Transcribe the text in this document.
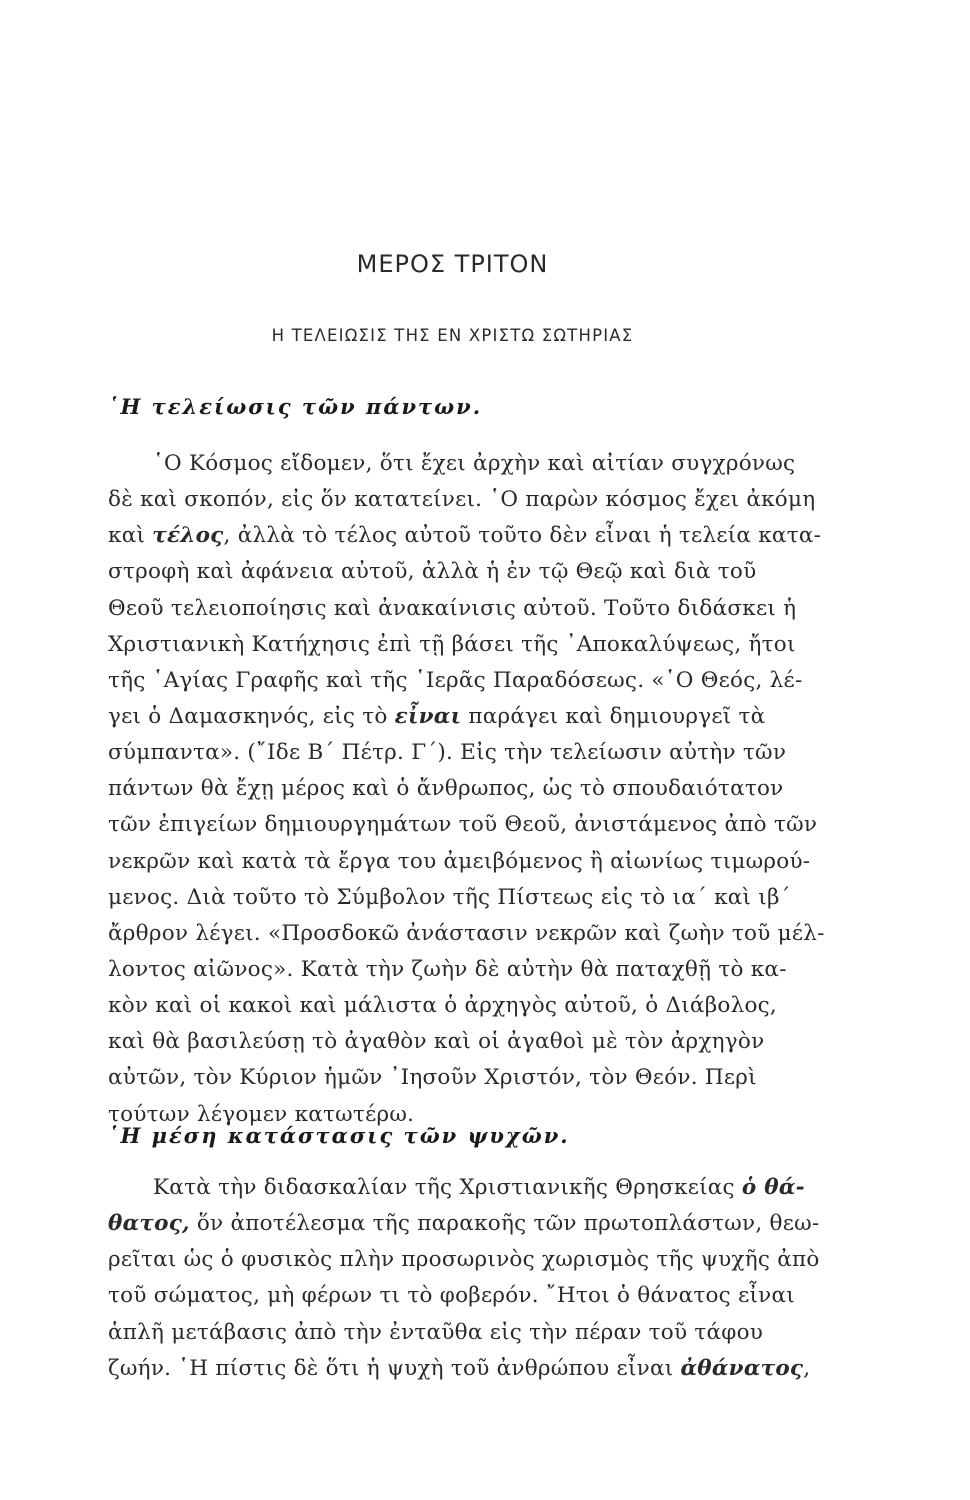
ΜΕΡΟΣ ΤΡΙΤΟΝ
Η ΤΕΛΕΙΩΣΙΣ ΤΗΣ ΕΝ ΧΡΙΣΤΩ ΣΩΤΗΡΙΑΣ
῾Η τελείωσις τῶν πάντων.
῾Ο Κόσμος εἴδομεν, ὅτι ἔχει ἀρχὴν καὶ αἰτίαν συγχρόνως
δὲ καὶ σκοπόν, εἰς ὅν κατατείνει. ῾Ο παρὼν κόσμος ἔχει ἀκόμη
καὶ τέλος, ἀλλὰ τὸ τέλος αὐτοῦ τοῦτο δὲν εἶναι ἡ τελεία κατα-
στροφὴ καὶ ἀφάνεια αὐτοῦ, ἀλλὰ ἡ ἐν τῷ Θεῷ καὶ διὰ τοῦ
Θεοῦ τελειοποίησις καὶ ἀνακαίνισις αὐτοῦ. Τοῦτο διδάσκει ἡ
Χριστιανικὴ Κατήχησις ἐπὶ τῇ βάσει τῆς ᾿Αποκαλύψεως, ἤτοι
τῆς ῾Αγίας Γραφῆς καὶ τῆς ῾Ιερᾶς Παραδόσεως. «῾Ο Θεός, λέ-
γει ὁ Δαμασκηνός, εἰς τὸ εἶναι παράγει καὶ δημιουργεῖ τὰ
σύμπαντα». (῎Ιδε Β΄ Πέτρ. Γ΄). Εἰς τὴν τελείωσιν αὐτὴν τῶν
πάντων θὰ ἔχῃ μέρος καὶ ὁ ἄνθρωπος, ὡς τὸ σπουδαιότατον
τῶν ἐπιγείων δημιουργημάτων τοῦ Θεοῦ, ἀνιστάμενος ἀπὸ τῶν
νεκρῶν καὶ κατὰ τὰ ἔργα του ἀμειβόμενος ἢ αἰωνίως τιμωρού-
μενος. Διὰ τοῦτο τὸ Σύμβολον τῆς Πίστεως εἰς τὸ ια΄ καὶ ιβ΄
ἄρθρον λέγει. «Προσδοκῶ ἀνάστασιν νεκρῶν καὶ ζωὴν τοῦ μέλ-
λοντος αἰῶνος». Κατὰ τὴν ζωὴν δὲ αὐτὴν θὰ παταχθῇ τὸ κα-
κὸν καὶ οἱ κακοὶ καὶ μάλιστα ὁ ἀρχηγὸς αὐτοῦ, ὁ Διάβολος,
καὶ θὰ βασιλεύσῃ τὸ ἀγαθὸν καὶ οἱ ἀγαθοὶ μὲ τὸν ἀρχηγὸν
αὐτῶν, τὸν Κύριον ἡμῶν ᾿Ιησοῦν Χριστόν, τὸν Θεόν. Περὶ
τούτων λέγομεν κατωτέρω.
῾Η μέση κατάστασις τῶν ψυχῶν.
Κατὰ τὴν διδασκαλίαν τῆς Χριστιανικῆς Θρησκείας ὁ θά-
θατος, ὅν ἀποτέλεσμα τῆς παρακοῆς τῶν πρωτοπλάστων, θεω-
ρεῖται ὡς ὁ φυσικὸς πλὴν προσωρινὸς χωρισμὸς τῆς ψυχῆς ἀπὸ
τοῦ σώματος, μὴ φέρων τι τὸ φοβερόν. ῎Ητοι ὁ θάνατος εἶναι
ἁπλῆ μετάβασις ἀπὸ τὴν ἐνταῦθα εἰς τὴν πέραν τοῦ τάφου
ζωήν. ῾Η πίστις δὲ ὅτι ἡ ψυχὴ τοῦ ἀνθρώπου εἶναι ἀθάνατος,
